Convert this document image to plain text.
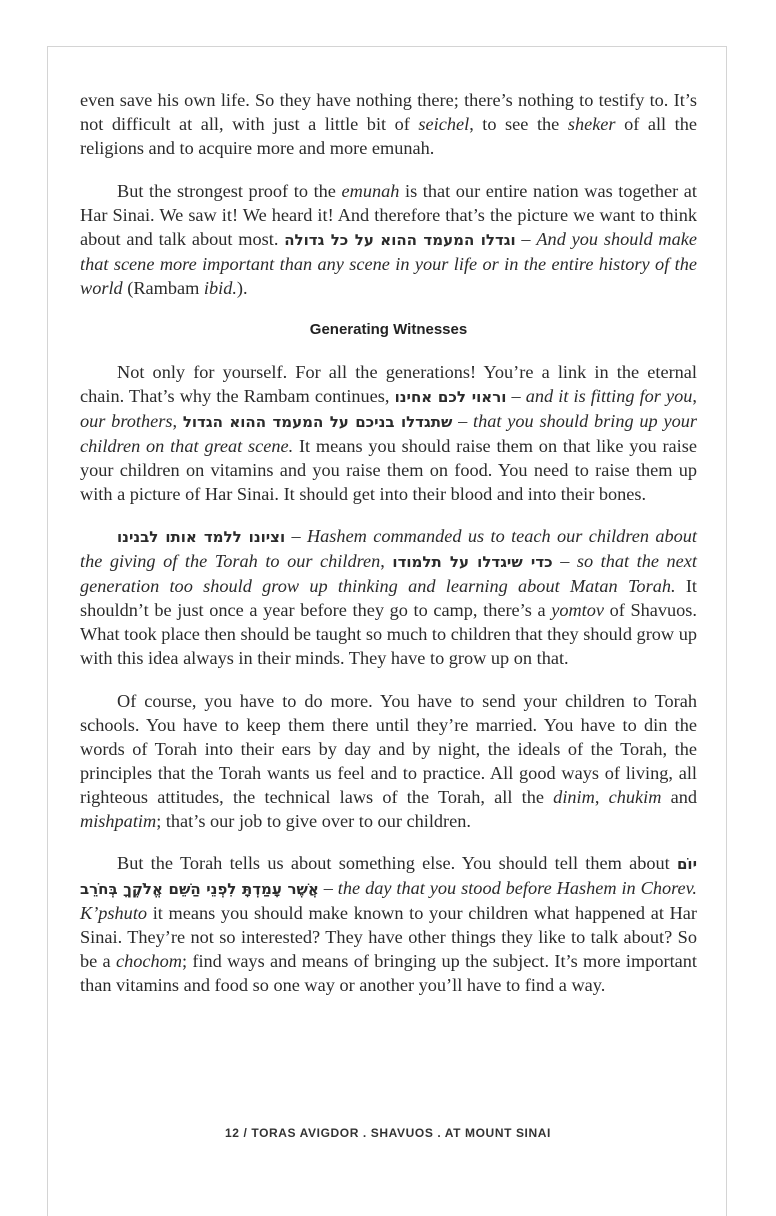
even save his own life. So they have nothing there; there’s nothing to testify to. It’s not difficult at all, with just a little bit of seichel, to see the sheker of all the religions and to acquire more and more emunah.

But the strongest proof to the emunah is that our entire nation was together at Har Sinai. We saw it! We heard it! And therefore that’s the picture we want to think about and talk about most. וגדלו המעמד ההוא על כל גדולה – And you should make that scene more important than any scene in your life or in the entire history of the world (Rambam ibid.).

Generating Witnesses

Not only for yourself. For all the generations! You’re a link in the eternal chain. That’s why the Rambam continues, וראוי לכם אחינו – and it is fitting for you, our brothers, שתגדלו בניכם על המעמד ההוא הגדול – that you should bring up your children on that great scene. It means you should raise them on that like you raise your children on vitamins and you raise them on food. You need to raise them up with a picture of Har Sinai. It should get into their blood and into their bones.

וציונו ללמד אותו לבנינו – Hashem commanded us to teach our children about the giving of the Torah to our children, כדי שיגדלו על תלמודו – so that the next generation too should grow up thinking and learning about Matan Torah. It shouldn’t be just once a year before they go to camp, there’s a yomtov of Shavuos. What took place then should be taught so much to children that they should grow up with this idea always in their minds. They have to grow up on that.

Of course, you have to do more. You have to send your children to Torah schools. You have to keep them there until they’re married. You have to din the words of Torah into their ears by day and by night, the ideals of the Torah, the principles that the Torah wants us feel and to practice. All good ways of living, all righteous attitudes, the technical laws of the Torah, all the dinim, chukim and mishpatim; that’s our job to give over to our children.

But the Torah tells us about something else. You should tell them about יוֹם אֲשֶׁר עָמַדְתָּ לִפְנֵי הַשֵּׁם אֱלֹקֶךָ בְּחֹרֵב – the day that you stood before Hashem in Chorev. K’pshuto it means you should make known to your children what happened at Har Sinai. They’re not so interested? They have other things they like to talk about? So be a chochom; find ways and means of bringing up the subject. It’s more important than vitamins and food so one way or another you’ll have to find a way.

12 / TORAS AVIGDOR . SHAVUOS . AT MOUNT SINAI
